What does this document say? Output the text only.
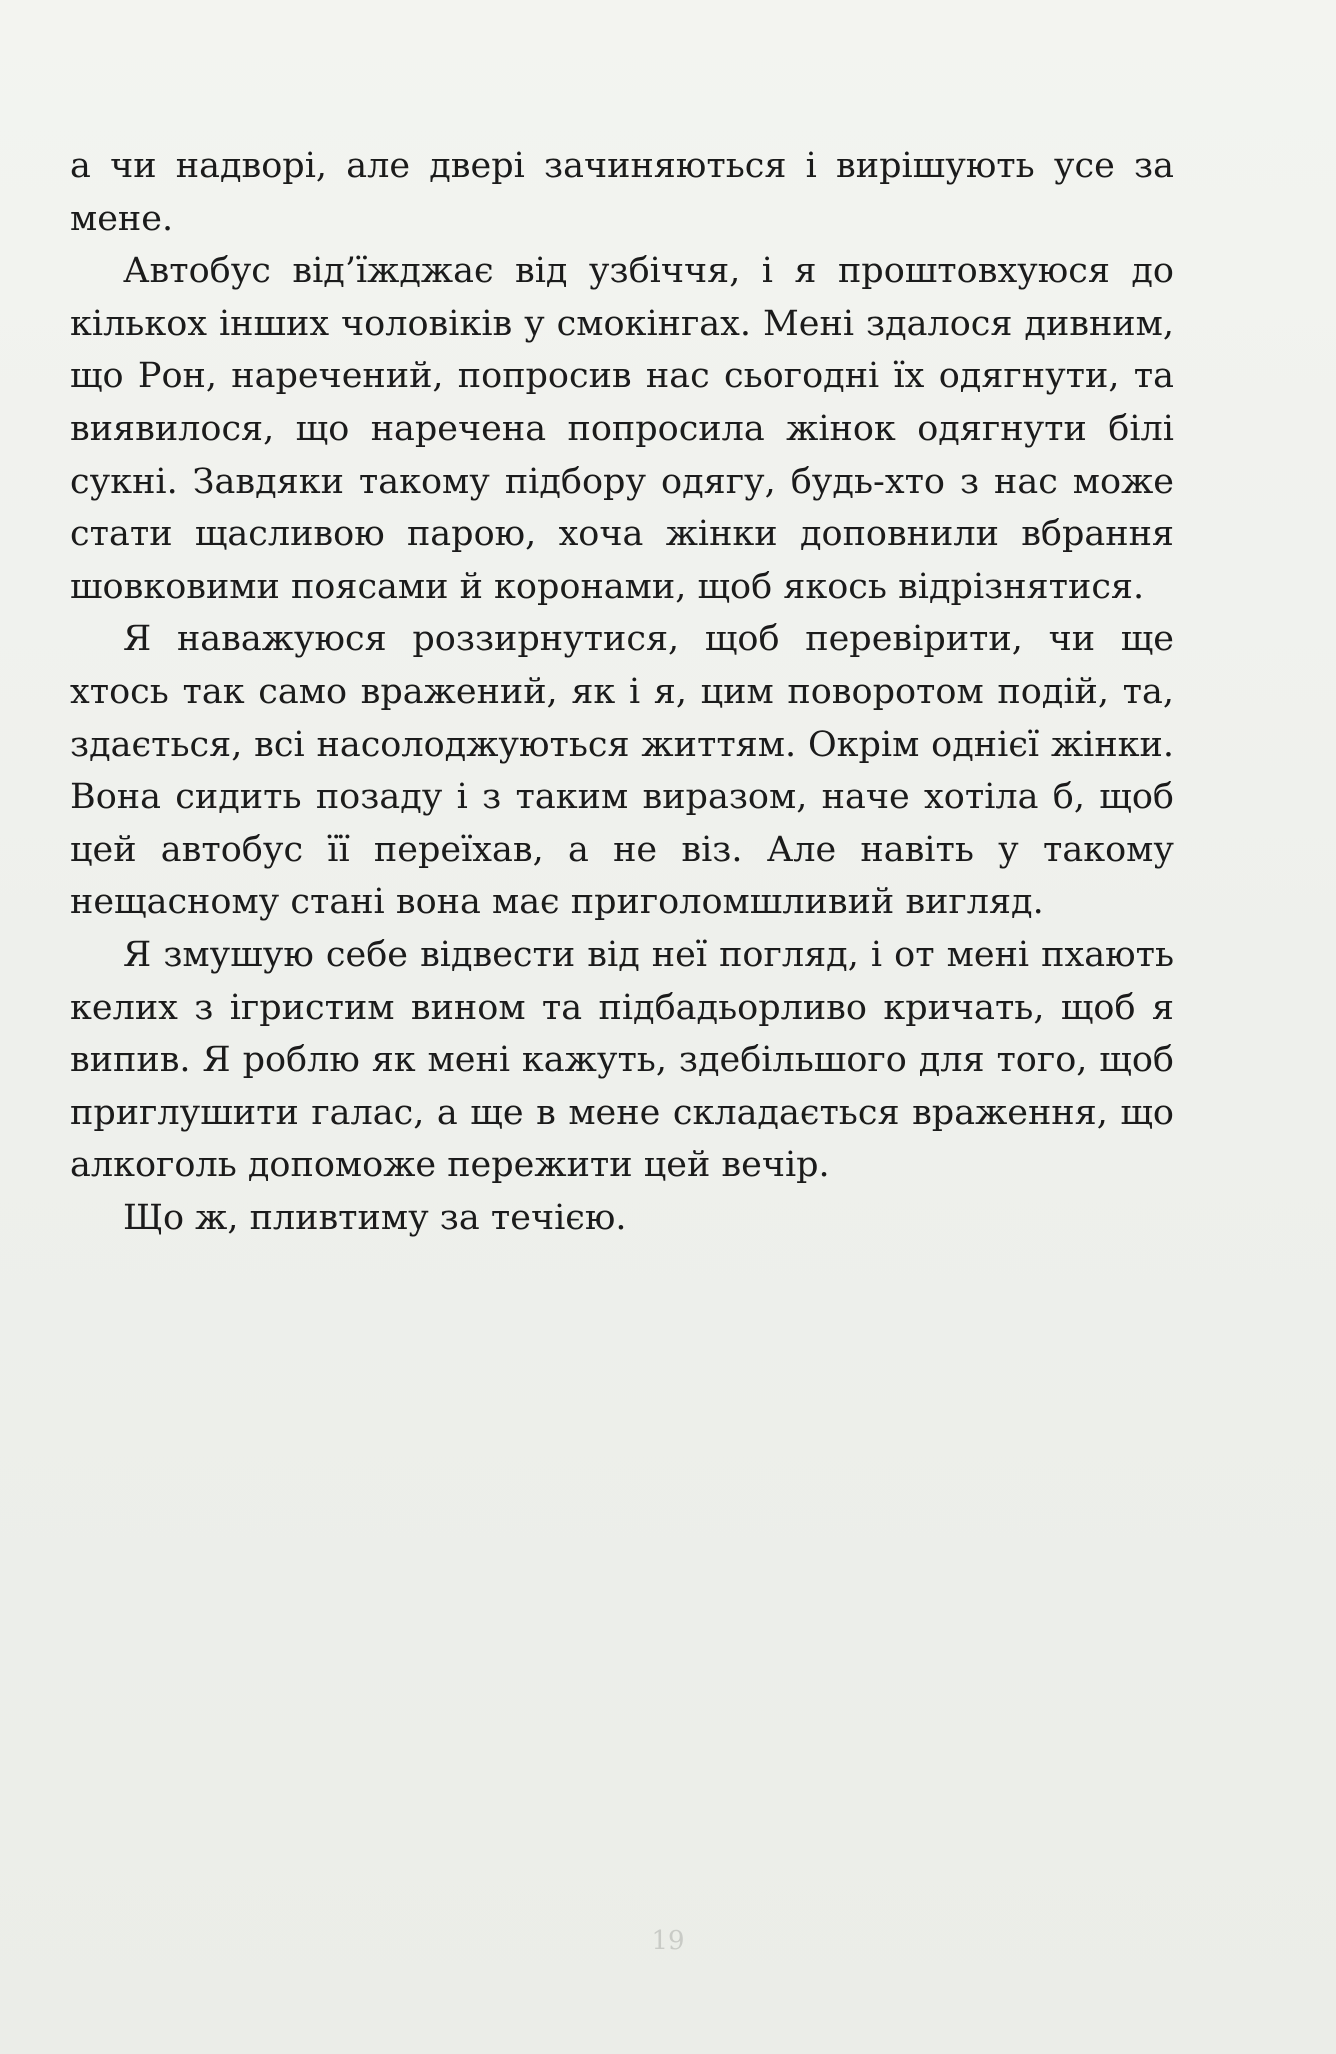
а чи надворі, але двері зачиняються і вирішують усе за мене.

Автобус від’їжджає від узбіччя, і я проштовхуюся до кількох інших чоловіків у смокінгах. Мені здалося дивним, що Рон, наречений, попросив нас сьогодні їх одягнути, та виявилося, що наречена попросила жінок одягнути білі сукні. Завдяки такому підбору одягу, будь-хто з нас може стати щасливою парою, хоча жінки доповнили вбрання шовковими поясами й коронами, щоб якось відрізнятися.

Я наважуюся роззирнутися, щоб перевірити, чи ще хтось так само вражений, як і я, цим поворотом подій, та, здається, всі насолоджуються життям. Окрім однієї жінки. Вона сидить позаду і з таким виразом, наче хотіла б, щоб цей автобус її переїхав, а не віз. Але навіть у такому нещасному стані вона має приголомшливий вигляд.

Я змушую себе відвести від неї погляд, і от мені пхають келих з ігристим вином та підбадьорливо кричать, щоб я випив. Я роблю як мені кажуть, здебільшого для того, щоб приглушити галас, а ще в мене складається враження, що алкоголь допоможе пережити цей вечір.

Що ж, пливтиму за течією.

19
